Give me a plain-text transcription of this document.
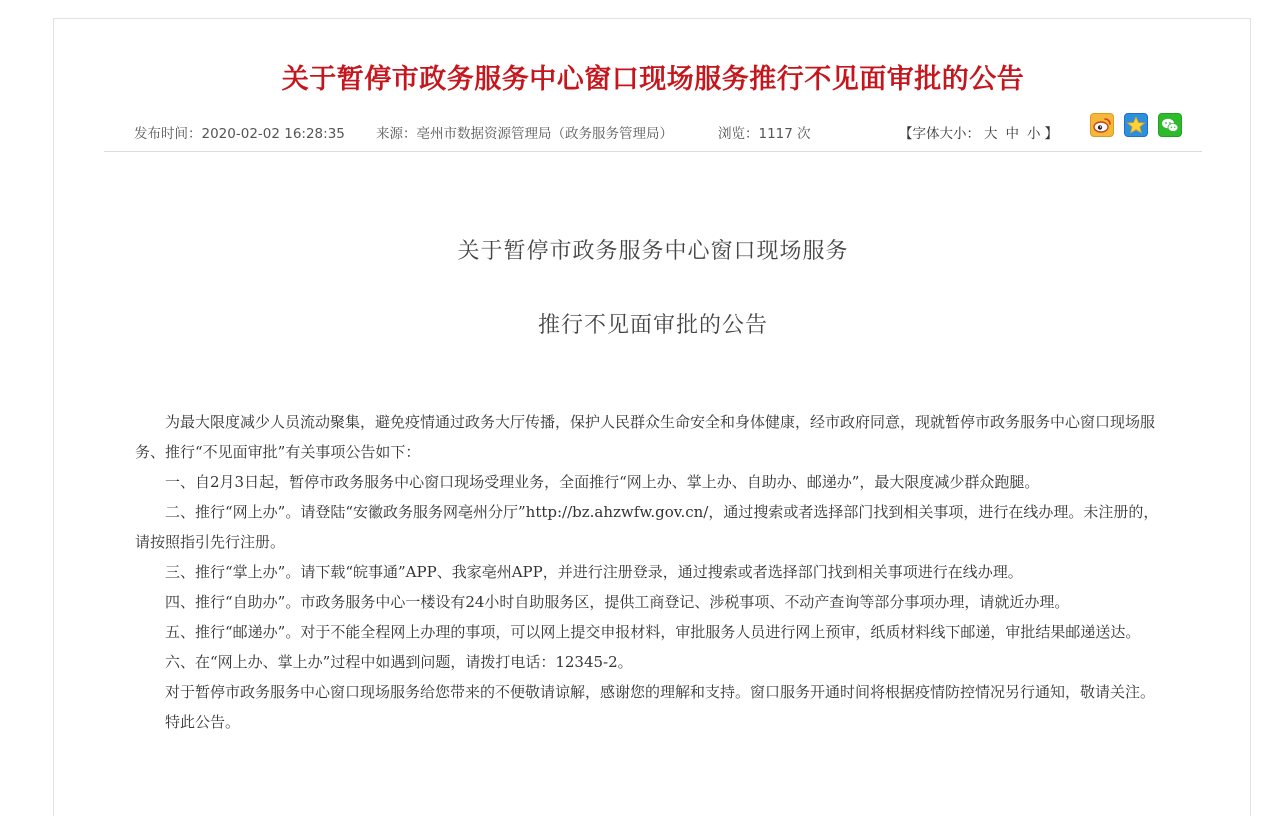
关于暂停市政务服务中心窗口现场服务推行不见面审批的公告
发布时间：2020-02-02 16:28:35 来源：亳州市数据资源管理局（政务服务管理局）	浏览：1117 次	【字体大小： 大 中 小 】
关于暂停市政务服务中心窗口现场服务
推行不见面审批的公告

为最大限度减少人员流动聚集，避免疫情通过政务大厅传播，保护人民群众生命安全和身体健康，经市政府同意，现就暂停市政务服务中心窗口现场服务、推行“不见面审批”有关事项公告如下：

一、自2月3日起，暂停市政务服务中心窗口现场受理业务，全面推行“网上办、掌上办、自助办、邮递办”，最大限度减少群众跑腿。

二、推行“网上办”。请登陆“安徽政务服务网亳州分厅”http://bz.ahzwfw.gov.cn/，通过搜索或者选择部门找到相关事项，进行在线办理。未注册的，请按照指引先行注册。

三、推行“掌上办”。请下载“皖事通”APP、我家亳州APP，并进行注册登录，通过搜索或者选择部门找到相关事项进行在线办理。

四、推行“自助办”。市政务服务中心一楼设有24小时自助服务区，提供工商登记、涉税事项、不动产查询等部分事项办理，请就近办理。

五、推行“邮递办”。对于不能全程网上办理的事项，可以网上提交申报材料，审批服务人员进行网上预审，纸质材料线下邮递，审批结果邮递送达。

六、在“网上办、掌上办”过程中如遇到问题，请拨打电话：12345-2。

对于暂停市政务服务中心窗口现场服务给您带来的不便敬请谅解，感谢您的理解和支持。窗口服务开通时间将根据疫情防控情况另行通知，敬请关注。

特此公告。
